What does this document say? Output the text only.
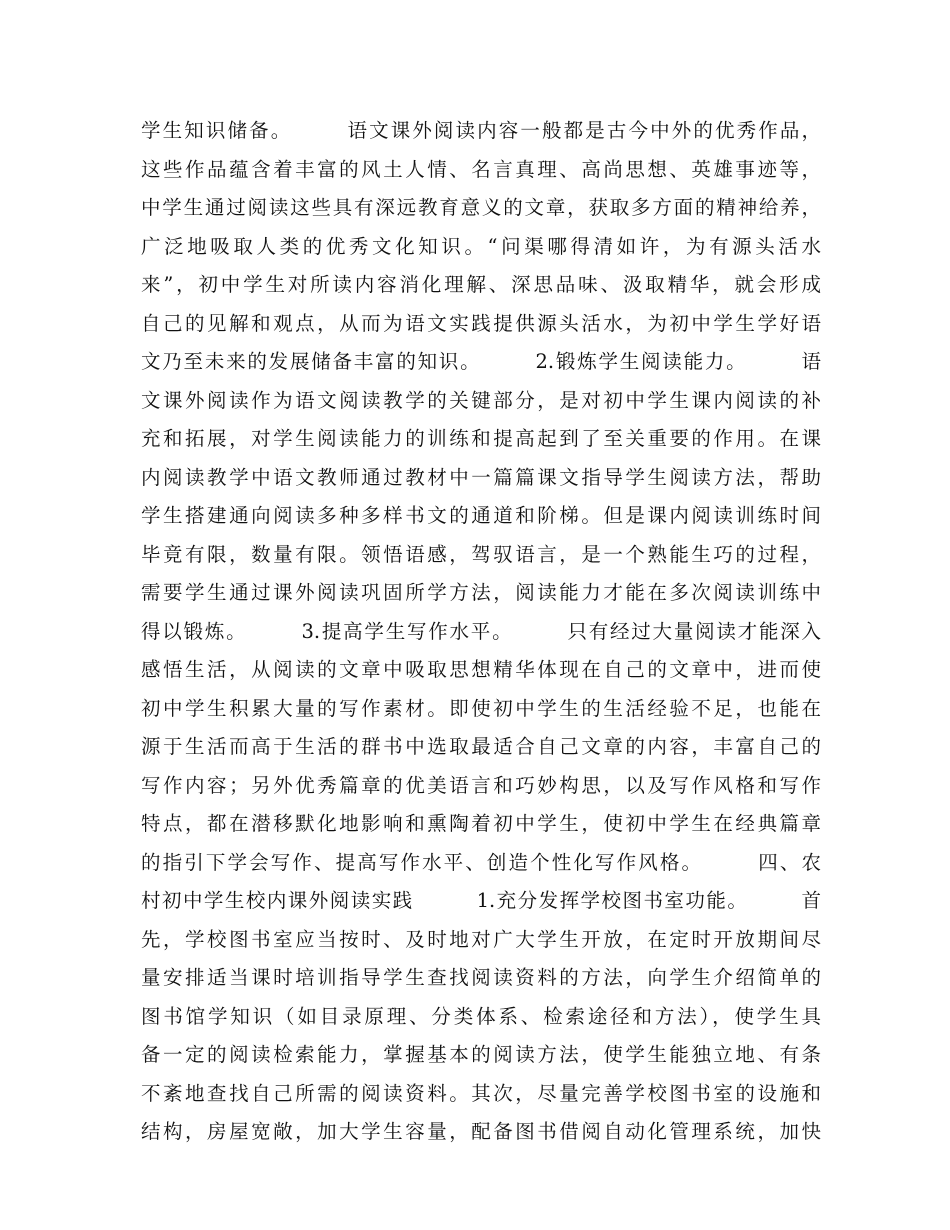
学生知识储备。　　　语文课外阅读内容一般都是古今中外的优秀作品，
这些作品蕴含着丰富的风土人情、名言真理、高尚思想、英雄事迹等，
中学生通过阅读这些具有深远教育意义的文章，获取多方面的精神给养，
广泛地吸取人类的优秀文化知识。“问渠哪得清如许，为有源头活水
来”，初中学生对所读内容消化理解、深思品味、汲取精华，就会形成
自己的见解和观点，从而为语文实践提供源头活水，为初中学生学好语
文乃至未来的发展储备丰富的知识。　　　2.锻炼学生阅读能力。　　　语
文课外阅读作为语文阅读教学的关键部分，是对初中学生课内阅读的补
充和拓展，对学生阅读能力的训练和提高起到了至关重要的作用。在课
内阅读教学中语文教师通过教材中一篇篇课文指导学生阅读方法，帮助
学生搭建通向阅读多种多样书文的通道和阶梯。但是课内阅读训练时间
毕竟有限，数量有限。领悟语感，驾驭语言，是一个熟能生巧的过程，
需要学生通过课外阅读巩固所学方法，阅读能力才能在多次阅读训练中
得以锻炼。　　　3.提高学生写作水平。　　　只有经过大量阅读才能深入
感悟生活，从阅读的文章中吸取思想精华体现在自己的文章中，进而使
初中学生积累大量的写作素材。即使初中学生的生活经验不足，也能在
源于生活而高于生活的群书中选取最适合自己文章的内容，丰富自己的
写作内容；另外优秀篇章的优美语言和巧妙构思，以及写作风格和写作
特点，都在潜移默化地影响和熏陶着初中学生，使初中学生在经典篇章
的指引下学会写作、提高写作水平、创造个性化写作风格。　　　四、农
村初中学生校内课外阅读实践　　　1.充分发挥学校图书室功能。　　　首
先，学校图书室应当按时、及时地对广大学生开放，在定时开放期间尽
量安排适当课时培训指导学生查找阅读资料的方法，向学生介绍简单的
图书馆学知识（如目录原理、分类体系、检索途径和方法），使学生具
备一定的阅读检索能力，掌握基本的阅读方法，使学生能独立地、有条
不紊地查找自己所需的阅读资料。其次，尽量完善学校图书室的设施和
结构，房屋宽敞，加大学生容量，配备图书借阅自动化管理系统，加快
